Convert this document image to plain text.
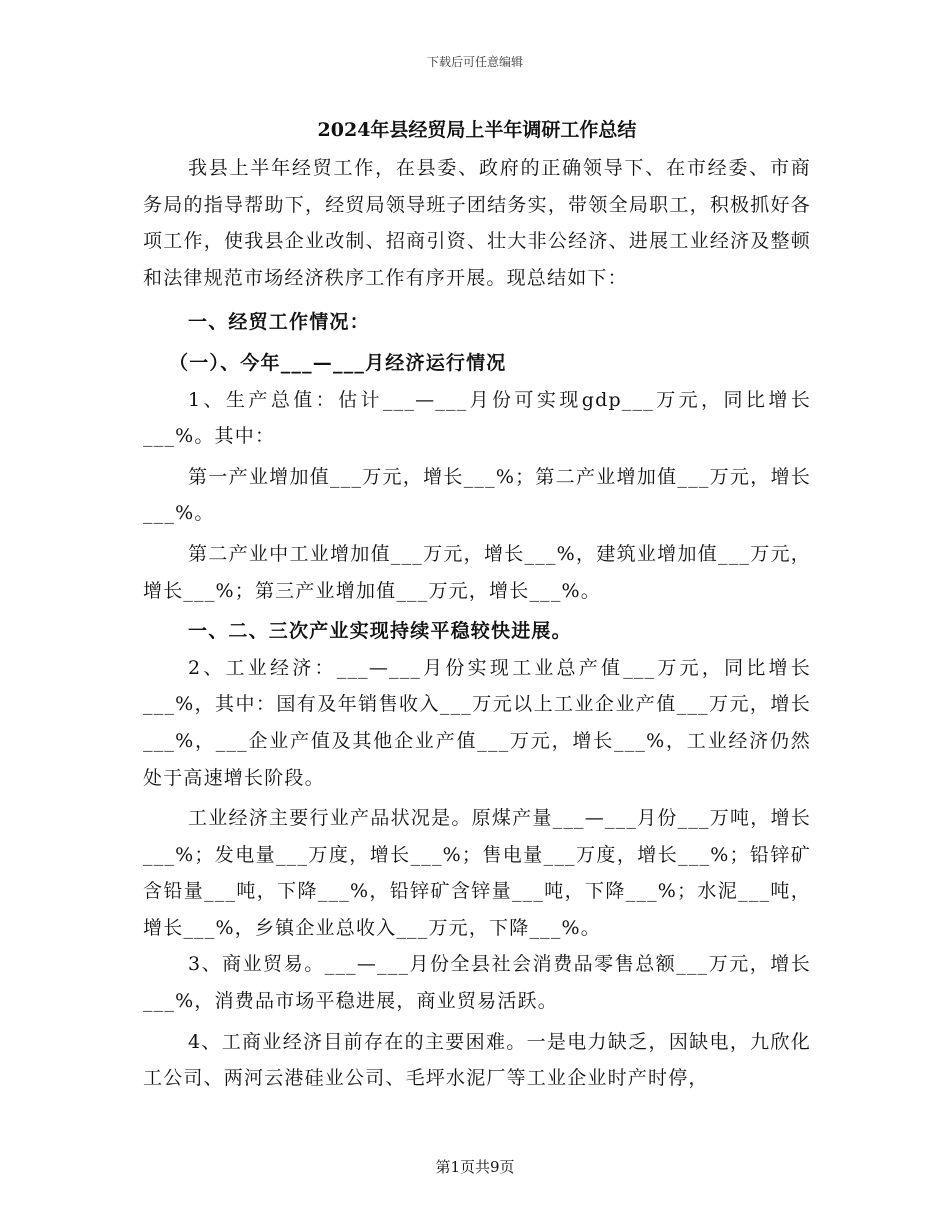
下载后可任意编辑
2024年县经贸局上半年调研工作总结

我县上半年经贸工作，在县委、政府的正确领导下、在市经委、市商务局的指导帮助下，经贸局领导班子团结务实，带领全局职工，积极抓好各项工作，使我县企业改制、招商引资、壮大非公经济、进展工业经济及整顿和法律规范市场经济秩序工作有序开展。现总结如下：

一、经贸工作情况：

（一）、今年___—___月经济运行情况

1、生产总值：估计___—___月份可实现gdp___万元，同比增长___%。其中：

第一产业增加值___万元，增长___%；第二产业增加值___万元，增长___%。

第二产业中工业增加值___万元，增长___%，建筑业增加值___万元，增长___%；第三产业增加值___万元，增长___%。

一、二、三次产业实现持续平稳较快进展。

2、工业经济：___—___月份实现工业总产值___万元，同比增长___%，其中：国有及年销售收入___万元以上工业企业产值___万元，增长___%，___企业产值及其他企业产值___万元，增长___%，工业经济仍然处于高速增长阶段。

工业经济主要行业产品状况是。原煤产量___—___月份___万吨，增长___%；发电量___万度，增长___%；售电量___万度，增长___%；铅锌矿含铅量___吨，下降___%，铅锌矿含锌量___吨，下降___%；水泥___吨，增长___%，乡镇企业总收入___万元，下降___%。

3、商业贸易。___—___月份全县社会消费品零售总额___万元，增长___%，消费品市场平稳进展，商业贸易活跃。

4、工商业经济目前存在的主要困难。一是电力缺乏，因缺电，九欣化工公司、两河云港硅业公司、毛坪水泥厂等工业企业时产时停，

第1页共9页
